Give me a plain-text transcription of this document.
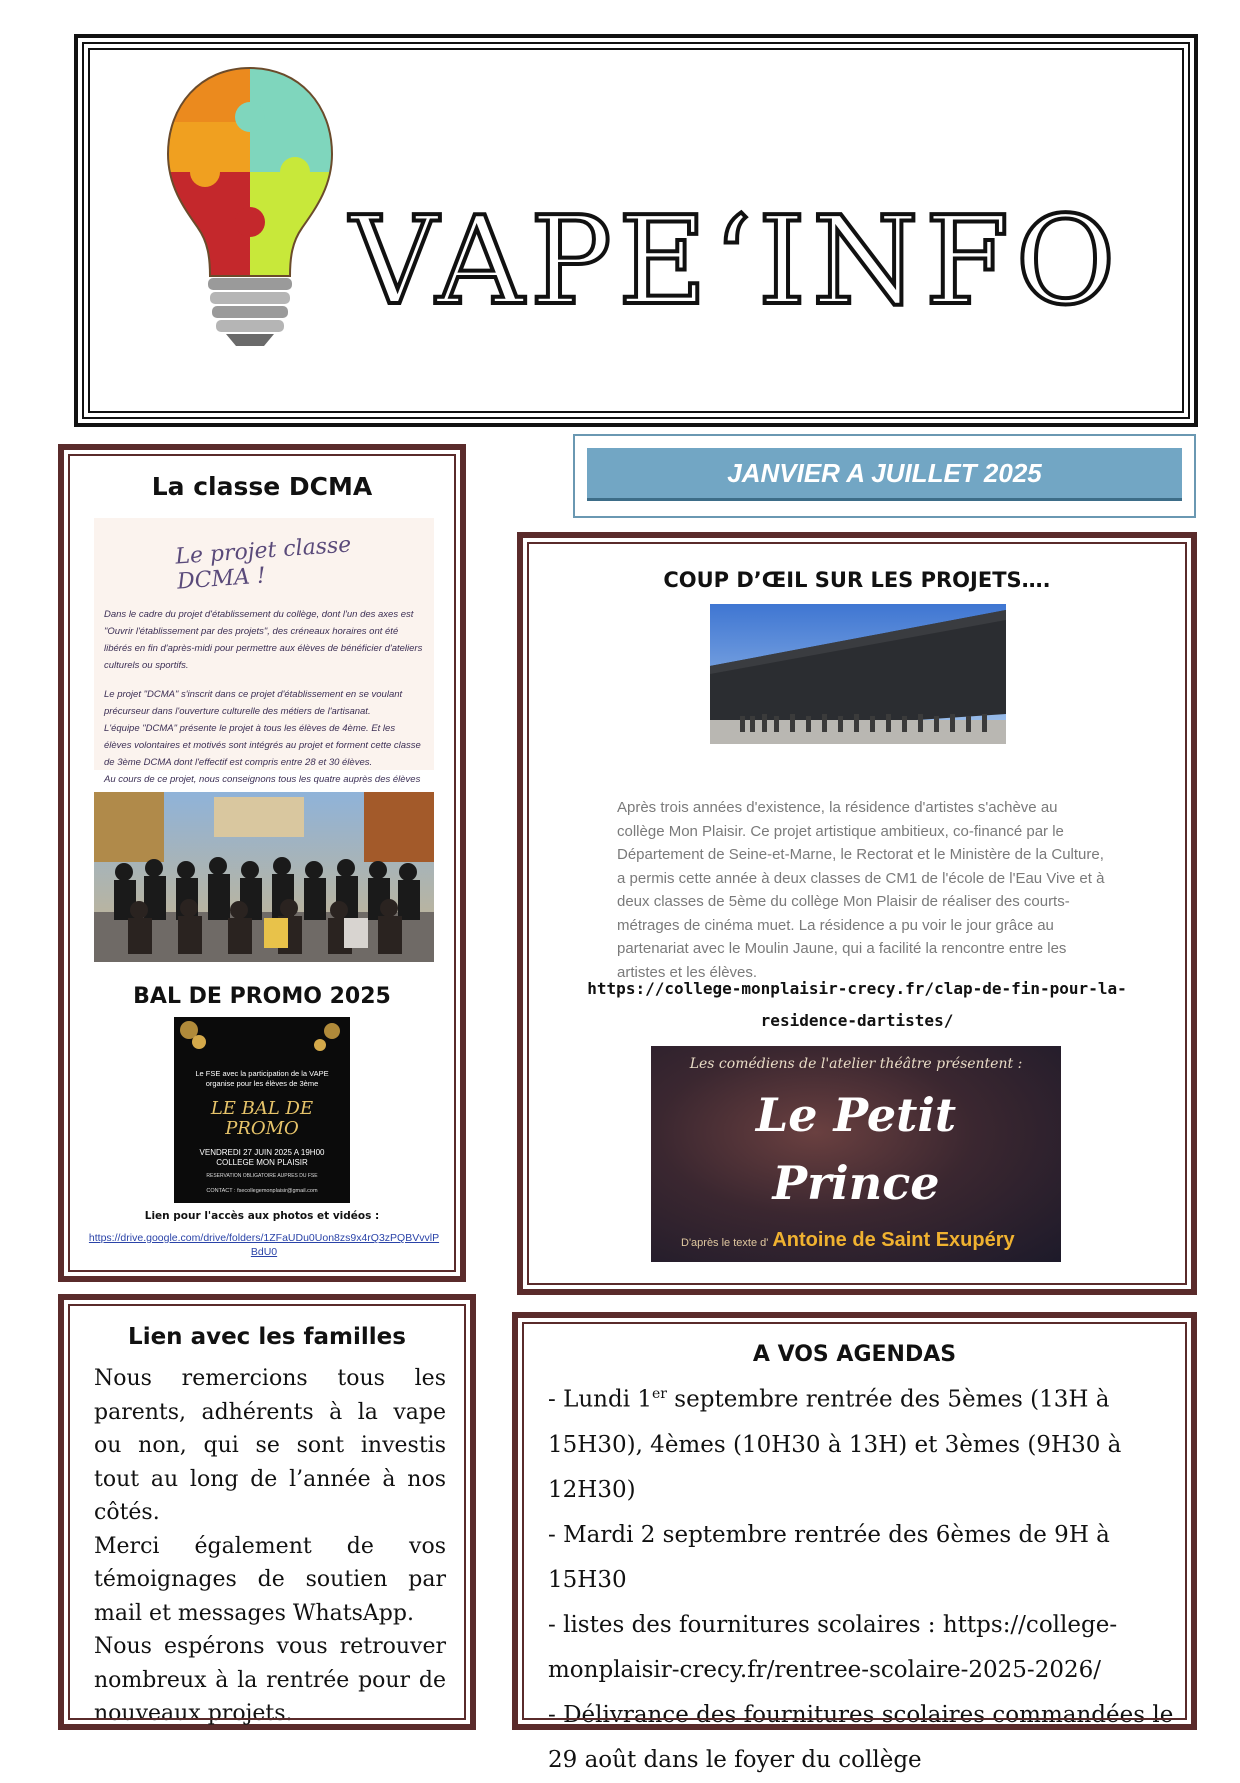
VAPE‘INFO
JANVIER A JUILLET 2025
La classe DCMA
Le projet classe DCMA !
Dans le cadre du projet d'établissement du collège, dont l'un des axes est "Ouvrir l'établissement par des projets", des créneaux horaires ont été libérés en fin d'après-midi pour permettre aux élèves de bénéficier d'ateliers culturels ou sportifs.
Le projet "DCMA" s'inscrit dans ce projet d'établissement en se voulant précurseur dans l'ouverture culturelle des métiers de l'artisanat.
L'équipe "DCMA" présente le projet à tous les élèves de 4ème. Et les élèves volontaires et motivés sont intégrés au projet et forment cette classe de 3ème DCMA dont l'effectif est compris entre 28 et 30 élèves.
Au cours de ce projet, nous conseignons tous les quatre auprès des élèves
BAL DE PROMO 2025
Le FSE avec la participation de la VAPE organise pour les élèves de 3ème
LE BAL DE
PROMO
VENDREDI 27 JUIN 2025 A 19H00
COLLEGE MON PLAISIR
RESERVATION OBLIGATOIRE AUPRES DU FSE
CONTACT : fsecollegemonplaisir@gmail.com
Lien pour l'accès aux photos et vidéos :
https://drive.google.com/drive/folders/1ZFaUDu0Uon8zs9x4rQ3zPQBVvvlPBdU0
COUP D’ŒIL SUR LES PROJETS….
Après trois années d'existence, la résidence d'artistes s'achève au collège Mon Plaisir. Ce projet artistique ambitieux, co-financé par le Département de Seine-et-Marne, le Rectorat et le Ministère de la Culture, a permis cette année à deux classes de CM1 de l'école de l'Eau Vive et à deux classes de 5ème du collège Mon Plaisir de réaliser des courts-métrages de cinéma muet. La résidence a pu voir le jour grâce au partenariat avec le Moulin Jaune, qui a facilité la rencontre entre les artistes et les élèves.
https://college-monplaisir-crecy.fr/clap-de-fin-pour-la-
residence-dartistes/
Les comédiens de l'atelier théâtre présentent :
Le Petit
Prince
D'après le texte d' Antoine de Saint Exupéry
Lien avec les familles
Nous remercions tous les parents, adhérents à la vape ou non, qui se sont investis tout au long de l’année à nos côtés.
Merci également de vos témoignages de soutien par mail et messages WhatsApp.
Nous espérons vous retrouver nombreux à la rentrée pour de nouveaux projets.
A VOS AGENDAS

- Lundi 1er septembre rentrée des 5èmes (13H à 15H30), 4èmes (10H30 à 13H) et 3èmes (9H30 à 12H30)

- Mardi 2 septembre rentrée des 6èmes de 9H à 15H30

- listes des fournitures scolaires : https://college-monplaisir-crecy.fr/rentree-scolaire-2025-2026/

- Délivrance des fournitures scolaires commandées le 29 août dans le foyer du collège
